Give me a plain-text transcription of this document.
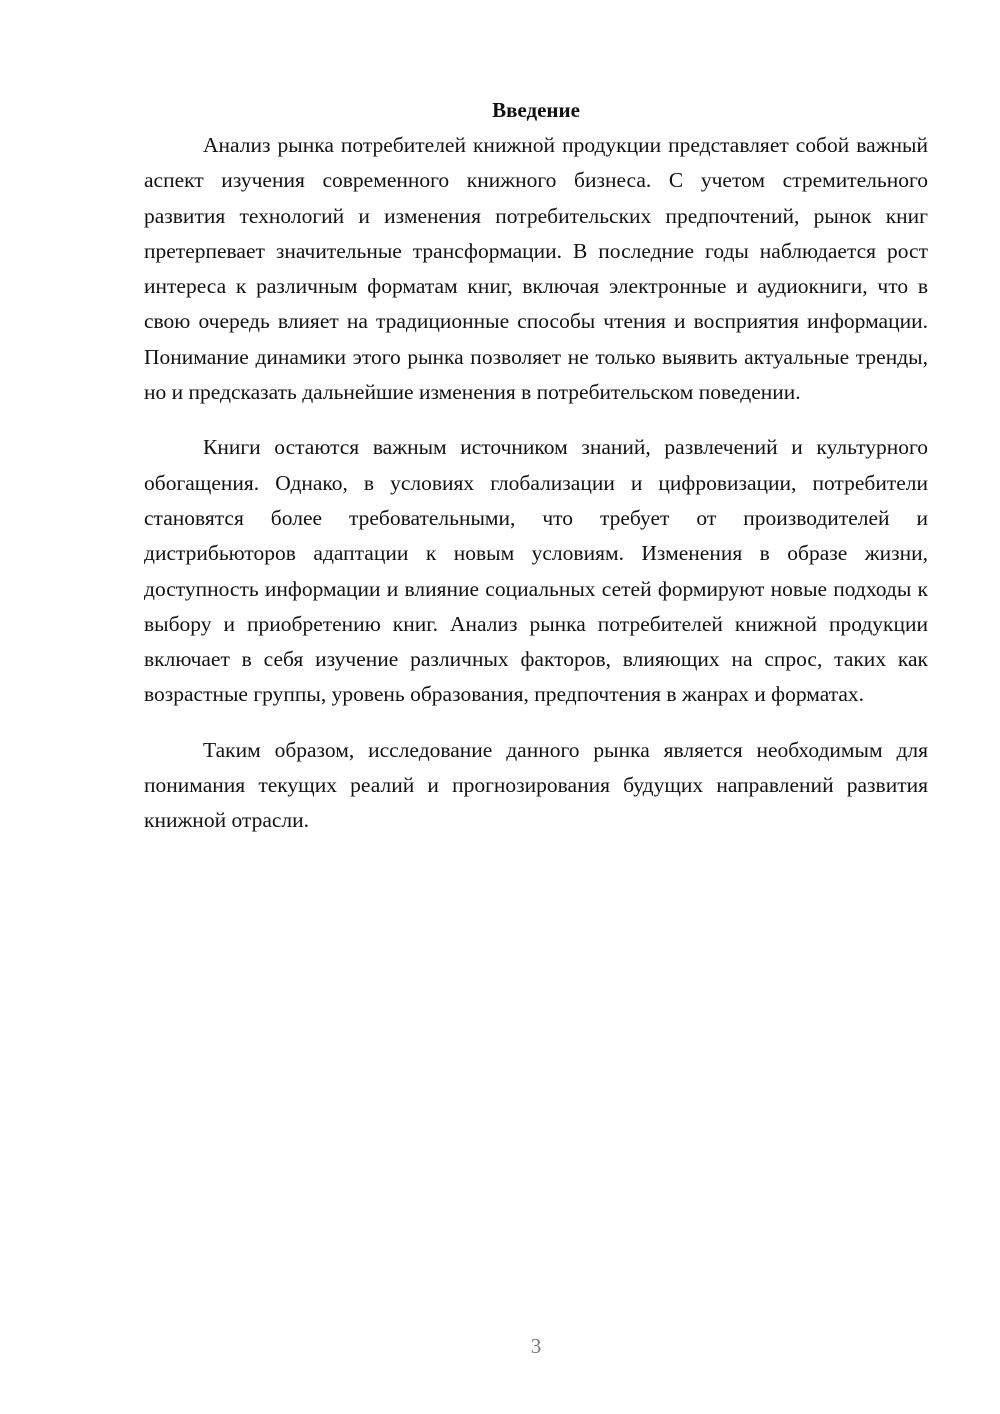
Введение

Анализ рынка потребителей книжной продукции представляет собой важный аспект изучения современного книжного бизнеса. С учетом стремительного развития технологий и изменения потребительских предпочтений, рынок книг претерпевает значительные трансформации. В последние годы наблюдается рост интереса к различным форматам книг, включая электронные и аудиокниги, что в свою очередь влияет на традиционные способы чтения и восприятия информации. Понимание динамики этого рынка позволяет не только выявить актуальные тренды, но и предсказать дальнейшие изменения в потребительском поведении.

Книги остаются важным источником знаний, развлечений и культурного обогащения. Однако, в условиях глобализации и цифровизации, потребители становятся более требовательными, что требует от производителей и дистрибьюторов адаптации к новым условиям. Изменения в образе жизни, доступность информации и влияние социальных сетей формируют новые подходы к выбору и приобретению книг. Анализ рынка потребителей книжной продукции включает в себя изучение различных факторов, влияющих на спрос, таких как возрастные группы, уровень образования, предпочтения в жанрах и форматах.

Таким образом, исследование данного рынка является необходимым для понимания текущих реалий и прогнозирования будущих направлений развития книжной отрасли.

3
